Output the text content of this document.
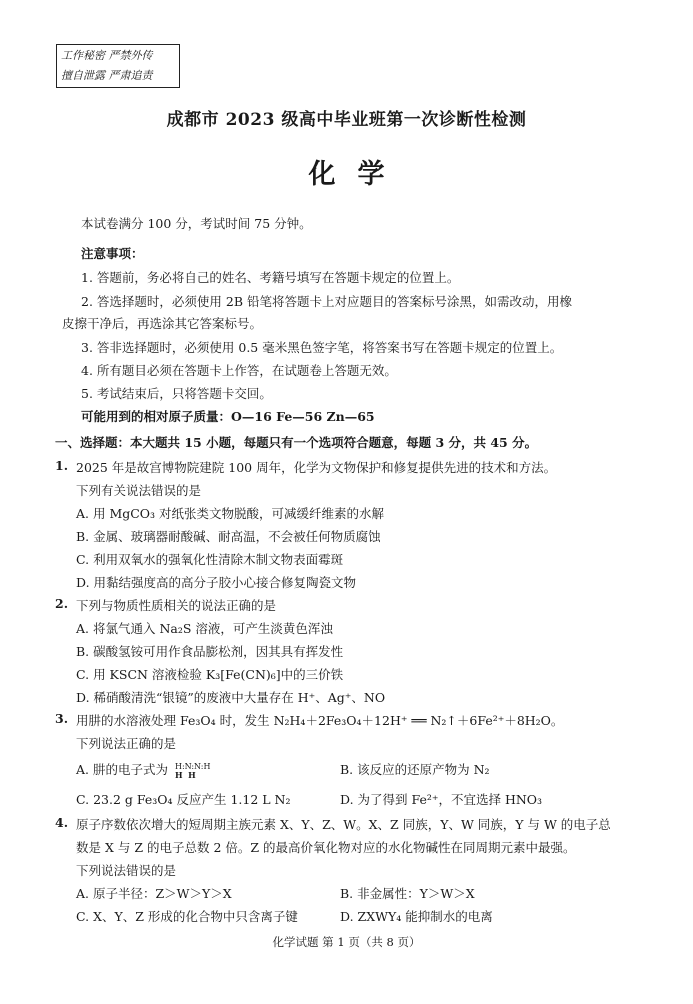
工作秘密 严禁外传
擅自泄露 严肃追责
成都市 2023 级高中毕业班第一次诊断性检测
化学
本试卷满分 100 分，考试时间 75 分钟。
注意事项：
1. 答题前，务必将自己的姓名、考籍号填写在答题卡规定的位置上。
2. 答选择题时，必须使用 2B 铅笔将答题卡上对应题目的答案标号涂黑，如需改动，用橡
皮擦干净后，再选涂其它答案标号。
3. 答非选择题时，必须使用 0.5 毫米黑色签字笔，将答案书写在答题卡规定的位置上。
4. 所有题目必须在答题卡上作答，在试题卷上答题无效。
5. 考试结束后，只将答题卡交回。
可能用到的相对原子质量：O—16 Fe—56 Zn—65
一、选择题：本大题共 15 小题，每题只有一个选项符合题意，每题 3 分，共 45 分。
1. 2025 年是故宫博物院建院 100 周年，化学为文物保护和修复提供先进的技术和方法。
下列有关说法错误的是
A. 用 MgCO₃ 对纸张类文物脱酸，可减缓纤维素的水解
B. 金属、玻璃器耐酸碱、耐高温，不会被任何物质腐蚀
C. 利用双氧水的强氧化性清除木制文物表面霉斑
D. 用黏结强度高的高分子胶小心接合修复陶瓷文物
2. 下列与物质性质相关的说法正确的是
A. 将氯气通入 Na₂S 溶液，可产生淡黄色浑浊
B. 碳酸氢铵可用作食品膨松剂，因其具有挥发性
C. 用 KSCN 溶液检验 K₃[Fe(CN)₆]中的三价铁
D. 稀硝酸清洗“银镜”的废液中大量存在 H⁺、Ag⁺、NO
3. 用肼的水溶液处理 Fe₃O₄ 时，发生 N₂H₄＋2Fe₃O₄＋12H⁺ ══ N₂↑＋6Fe²⁺＋8H₂O。
下列说法正确的是
A. 肼的电子式为 H:N:N:H
H  H	B. 该反应的还原产物为 N₂
C. 23.2 g Fe₃O₄ 反应产生 1.12 L N₂	D. 为了得到 Fe²⁺，不宜选择 HNO₃
4. 原子序数依次增大的短周期主族元素 X、Y、Z、W。X、Z 同族，Y、W 同族，Y 与 W 的电子总
数是 X 与 Z 的电子总数 2 倍。Z 的最高价氧化物对应的水化物碱性在同周期元素中最强。
下列说法错误的是
A. 原子半径：Z＞W＞Y＞X	B. 非金属性：Y＞W＞X
C. X、Y、Z 形成的化合物中只含离子键	D. ZXWY₄ 能抑制水的电离
化学试题 第 1 页（共 8 页）
